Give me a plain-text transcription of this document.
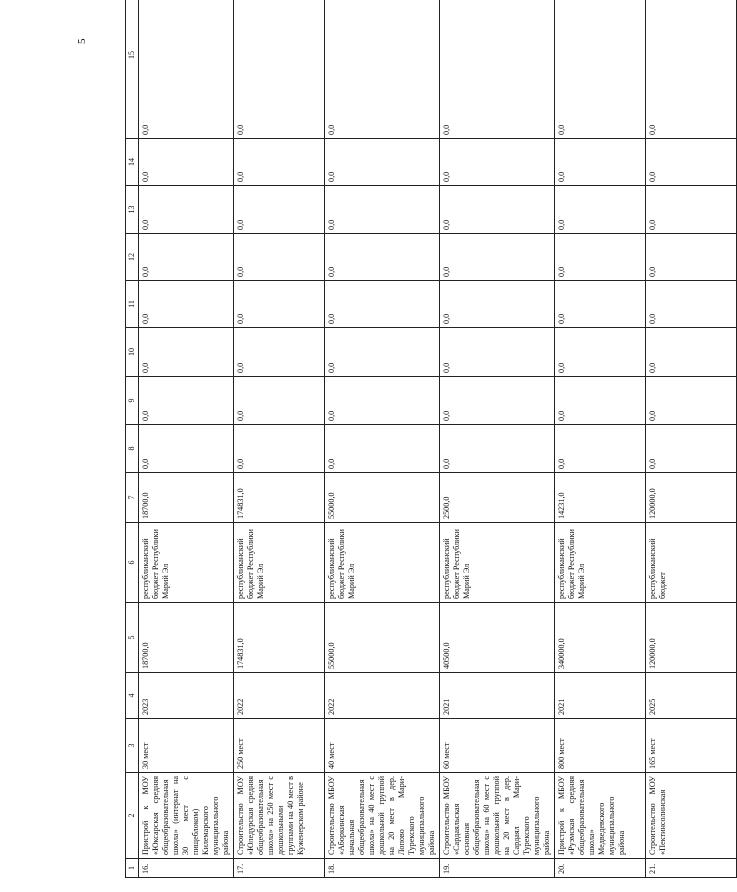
5
1	2	3	4	5	6	7	8	9	10	11	12	13	14	15
16.	Пристрой к МОУ «Юксарская средняя общеобразовательная школа» (интернат на 30 мест с пищеблоком) Килемарского муниципального района	30 мест	2023	18700,0	республиканский бюджет Республики Марий Эл	18700,0	0,0	0,0	0,0	0,0	0,0	0,0	0,0	0,0
17.	Строительство МОУ «Юледурская средняя общеобразовательная школа» на 250 мест с дошкольными группами на 40 мест в Куженерском районе	250 мест	2022	174831,0	республиканский бюджет Республики Марий Эл	174831,0	0,0	0,0	0,0	0,0	0,0	0,0	0,0	0,0
18.	Строительство МБОУ «Аборкинская начальная общеобразовательная школа» на 40 мест с дошкольной группой на 20 мест в дер. Лопово Мари-Турекского муниципального района	40 мест	2022	55000,0	республиканский бюджет Республики Марий Эл	55000,0	0,0	0,0	0,0	0,0	0,0	0,0	0,0	0,0
19.	Строительство МБОУ «Сардаяльская основная общеобразовательная школа» на 60 мест с дошкольной группой на 20 мест в дер. Сардаял Мари-Турекского муниципального района	60 мест	2021	40500,0	республиканский бюджет Республики Марий Эл	2500,0	0,0	0,0	0,0	0,0	0,0	0,0	0,0	0,0
20.	Пристрой к МБОУ «Руэмская средняя общеобразовательная школа» Медведевского муниципального района	800 мест	2021	340000,0	республиканский бюджет Республики Марий Эл	14231,0	0,0	0,0	0,0	0,0	0,0	0,0	0,0	0,0
21.	Строительство МОУ «Пектинсолинская	165 мест	2025	120000,0	республиканский бюджет	120000,0	0,0	0,0	0,0	0,0	0,0	0,0	0,0	0,0
